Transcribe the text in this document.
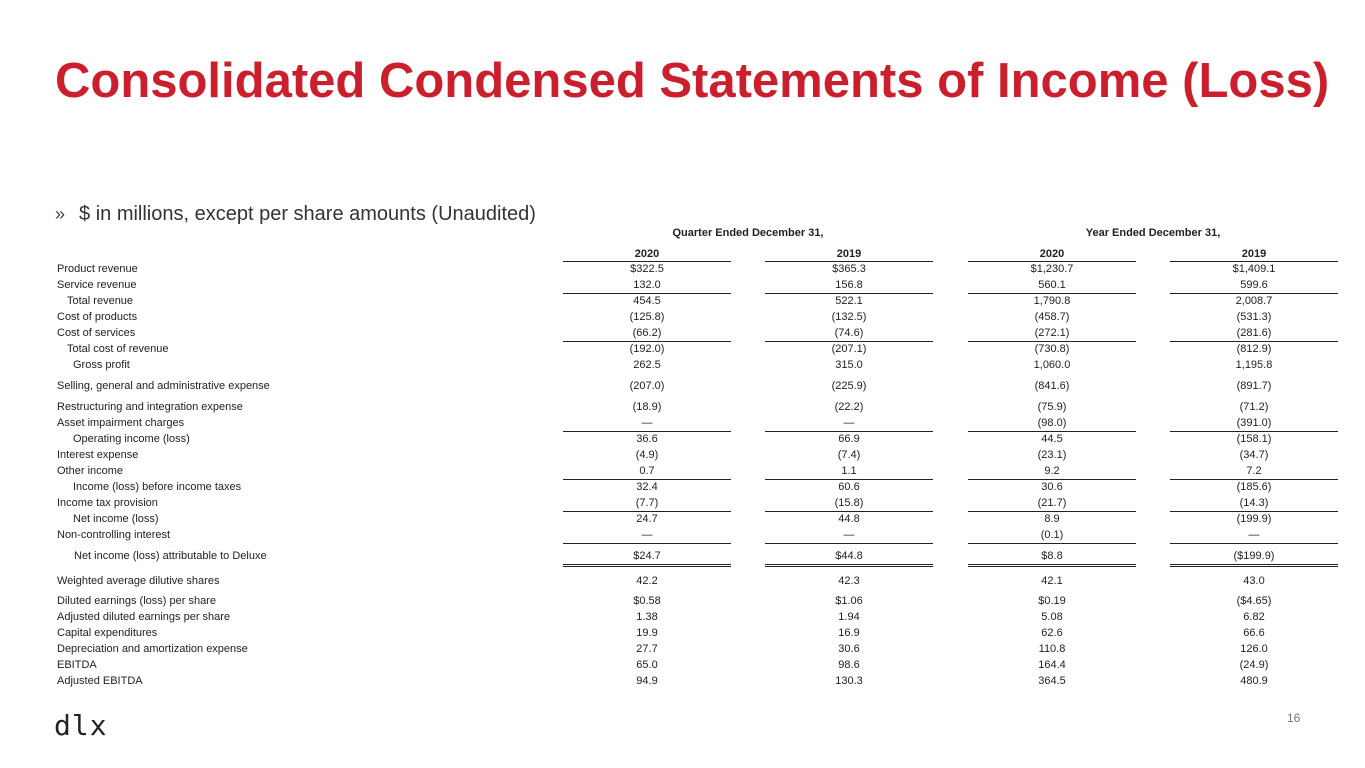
Consolidated Condensed Statements of Income (Loss)
» $ in millions, except per share amounts (Unaudited)
Quarter Ended December 31,	Year Ended December 31,
2020	2019	2020	2019
Product revenue	$322.5	$365.3	$1,230.7	$1,409.1
Service revenue	132.0	156.8	560.1	599.6
Total revenue	454.5	522.1	1,790.8	2,008.7
Cost of products	(125.8)	(132.5)	(458.7)	(531.3)
Cost of services	(66.2)	(74.6)	(272.1)	(281.6)
Total cost of revenue	(192.0)	(207.1)	(730.8)	(812.9)
Gross profit	262.5	315.0	1,060.0	1,195.8
Selling, general and administrative expense	(207.0)	(225.9)	(841.6)	(891.7)
Restructuring and integration expense	(18.9)	(22.2)	(75.9)	(71.2)
Asset impairment charges	—	—	(98.0)	(391.0)
Operating income (loss)	36.6	66.9	44.5	(158.1)
Interest expense	(4.9)	(7.4)	(23.1)	(34.7)
Other income	0.7	1.1	9.2	7.2
Income (loss) before income taxes	32.4	60.6	30.6	(185.6)
Income tax provision	(7.7)	(15.8)	(21.7)	(14.3)
Net income (loss)	24.7	44.8	8.9	(199.9)
Non-controlling interest	—	—	(0.1)	—
Net income (loss) attributable to Deluxe	$24.7	$44.8	$8.8	($199.9)
Weighted average dilutive shares	42.2	42.3	42.1	43.0
Diluted earnings (loss) per share	$0.58	$1.06	$0.19	($4.65)
Adjusted diluted earnings per share	1.38	1.94	5.08	6.82
Capital expenditures	19.9	16.9	62.6	66.6
Depreciation and amortization expense	27.7	30.6	110.8	126.0
EBITDA	65.0	98.6	164.4	(24.9)
Adjusted EBITDA	94.9	130.3	364.5	480.9
dlx	16
